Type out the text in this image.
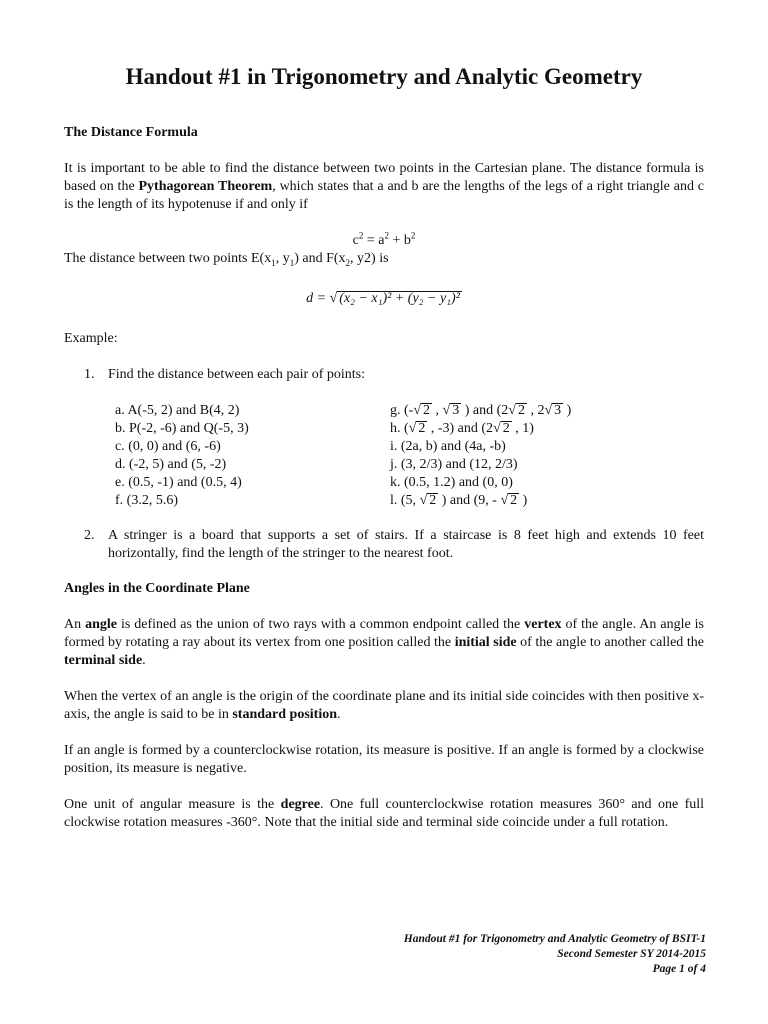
Handout #1 in Trigonometry and Analytic Geometry
The Distance Formula
It is important to be able to find the distance between two points in the Cartesian plane. The distance formula is based on the Pythagorean Theorem, which states that a and b are the lengths of the legs of a right triangle and c is the length of its hypotenuse if and only if
$c^2 = a^2 + b^2$
The distance between two points $E(x_1$, $y_1$) and $F(x_2$, y2) is
d = √ (x₂ − x₁)² + (y₂ − y₁)²
Example:
1. Find the distance between each pair of points:
a. A(-5, 2) and B(4, 2)
b. P(-2, -6) and Q(-5, 3)
c. (0, 0) and (6, -6)
d. (-2, 5) and (5, -2)
e. (0.5, -1) and (0.5, 4)
f. (3.2, 5.6)
g. (- √ 2 , √ 3 ) and (2 √ 2 , 2 √ 3 )
h. ( √ 2 , -3) and (2 √ 2 , 1)
i. (2a, b) and (4a, -b)
j. (3, 2/3) and (12, 2/3)
k. (0.5, 1.2) and (0, 0)
l. (5, √ 2 ) and (9, - √ 2 )
2. A stringer is a board that supports a set of stairs. If a staircase is 8 feet high and extends 10 feet horizontally, find the length of the stringer to the nearest foot.
Angles in the Coordinate Plane
An angle is defined as the union of two rays with a common endpoint called the vertex of the angle. An angle is formed by rotating a ray about its vertex from one position called the initial side of the angle to another called the terminal side.
When the vertex of an angle is the origin of the coordinate plane and its initial side coincides with then positive x-axis, the angle is said to be in standard position.
If an angle is formed by a counterclockwise rotation, its measure is positive. If an angle is formed by a clockwise position, its measure is negative.
One unit of angular measure is the degree. One full counterclockwise rotation measures 360° and one full clockwise rotation measures -360°. Note that the initial side and terminal side coincide under a full rotation.
Handout #1 for Trigonometry and Analytic Geometry of BSIT-1
Second Semester SY 2014-2015
Page 1 of 4
